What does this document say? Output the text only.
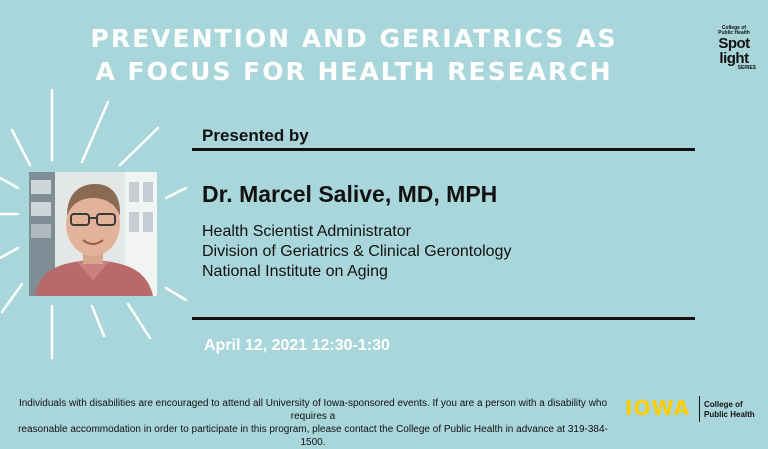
PREVENTION AND GERIATRICS AS
A FOCUS FOR HEALTH RESEARCH
College of
Public Health
Spot
light
SERIES
Presented by
Dr. Marcel Salive, MD, MPH
Health Scientist Administrator
Division of Geriatrics & Clinical Gerontology
National Institute on Aging
April 12, 2021 12:30-1:30
Individuals with disabilities are encouraged to attend all University of Iowa-sponsored events. If you are a person with a disability who requires a
reasonable accommodation in order to participate in this program, please contact the College of Public Health in advance at 319-384-1500.
IOWA College of
Public Health
